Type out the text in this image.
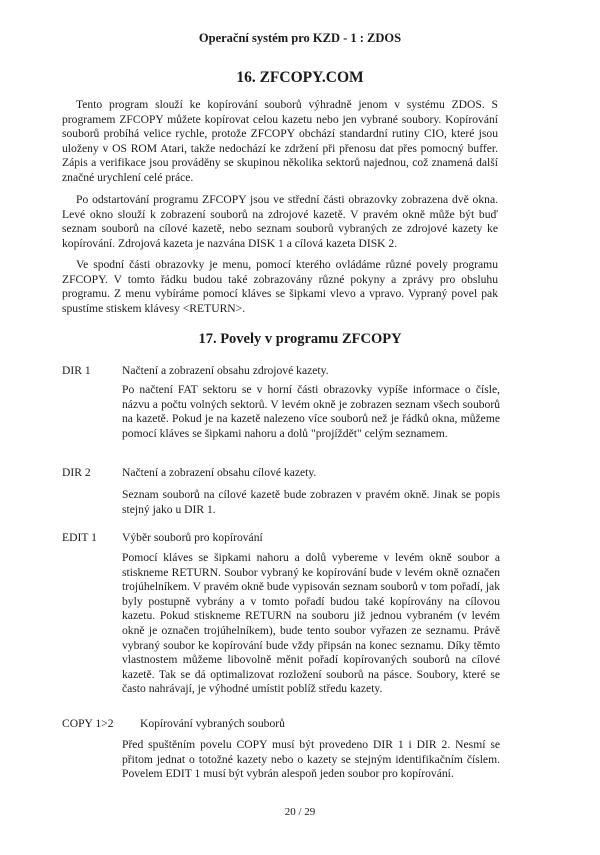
Operační systém pro KZD - 1 : ZDOS
16. ZFCOPY.COM

Tento program slouží ke kopírování souborů výhradně jenom v systému ZDOS. S programem ZFCOPY můžete kopírovat celou kazetu nebo jen vybrané soubory. Kopírování souborů probíhá velice rychle, protože ZFCOPY obchází standardní rutiny CIO, které jsou uloženy v OS ROM Atari, takže nedochází ke zdržení při přenosu dat přes pomocný buffer. Zápis a verifikace jsou prováděny se skupinou několika sektorů najednou, což znamená další značné urychlení celé práce.

Po odstartování programu ZFCOPY jsou ve střední části obrazovky zobrazena dvě okna. Levé okno slouží k zobrazení souborů na zdrojové kazetě. V pravém okně může být buď seznam souborů na cílové kazetě, nebo seznam souborů vybraných ze zdrojové kazety ke kopírování. Zdrojová kazeta je nazvána DISK 1 a cílová kazeta DISK 2.

Ve spodní části obrazovky je menu, pomocí kterého ovládáme různé povely programu ZFCOPY. V tomto řádku budou také zobrazovány různé pokyny a zprávy pro obsluhu programu. Z menu vybíráme pomocí kláves se šipkami vlevo a vpravo. Vypraný povel pak spustíme stiskem klávesy <RETURN>.

17. Povely v programu ZFCOPY
DIR 1	Načtení a zobrazení obsahu zdrojové kazety.

Po načtení FAT sektoru se v horní části obrazovky vypíše informace o čísle, názvu a počtu volných sektorů. V levém okně je zobrazen seznam všech souborů na kazetě. Pokud je na kazetě nalezeno více souborů než je řádků okna, můžeme pomocí kláves se šipkami nahoru a dolů "projíždět" celým seznamem.

DIR 2	Načtení a zobrazení obsahu cílové kazety.

Seznam souborů na cílové kazetě bude zobrazen v pravém okně. Jinak se popis stejný jako u DIR 1.

EDIT 1 Výběr souborů pro kopírování

Pomocí kláves se šipkami nahoru a dolů vybereme v levém okně soubor a stiskneme RETURN. Soubor vybraný ke kopírování bude v levém okně označen trojúhelníkem. V pravém okně bude vypisován seznam souborů v tom pořadí, jak byly postupně vybrány a v tomto pořadí budou také kopírovány na cílovou kazetu. Pokud stiskneme RETURN na souboru již jednou vybraném (v levém okně je označen trojúhelníkem), bude tento soubor vyřazen ze seznamu. Právě vybraný soubor ke kopírování bude vždy připsán na konec seznamu. Díky těmto vlastnostem můžeme libovolně měnit pořadí kopírovaných souborů na cílové kazetě. Tak se dá optimalizovat rozložení souborů na pásce. Soubory, které se často nahrávají, je výhodné umístit poblíž středu kazety.

COPY 1>2 Kopírování vybraných souborů

Před spuštěním povelu COPY musí být provedeno DIR 1 i DIR 2. Nesmí se přitom jednat o totožné kazety nebo o kazety se stejným identifikačním číslem. Povelem EDIT 1 musí být vybrán alespoň jeden soubor pro kopírování.

20 / 29
